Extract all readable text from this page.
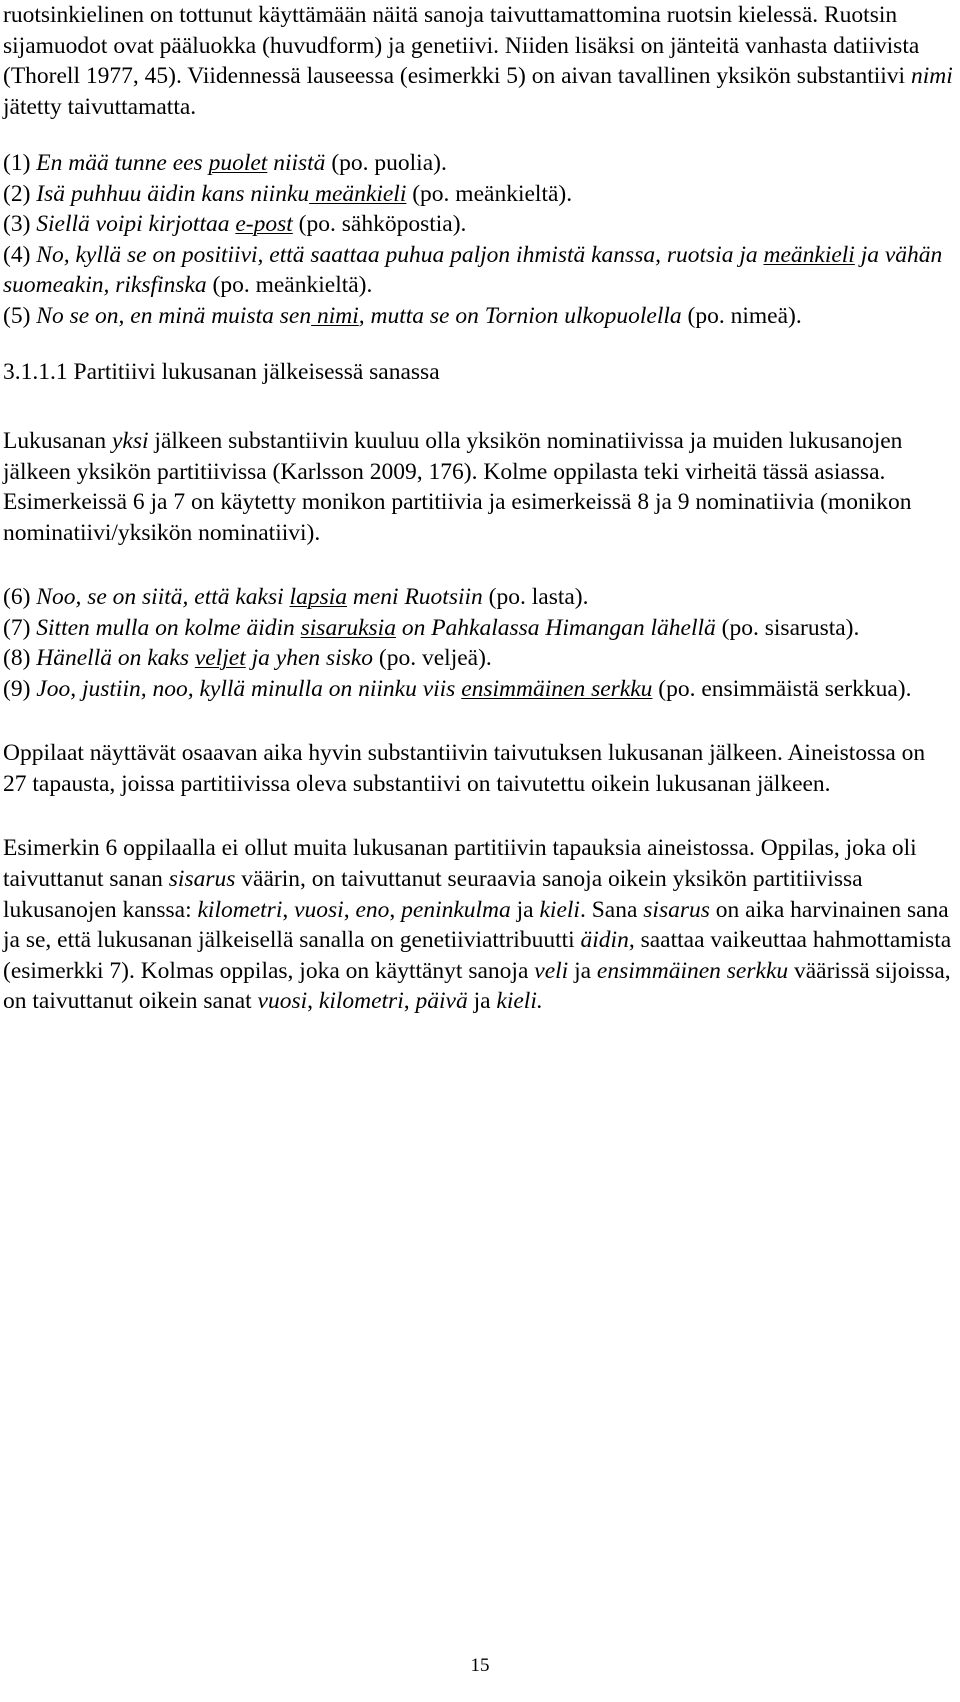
ruotsinkielinen on tottunut käyttämään näitä sanoja taivuttamattomina ruotsin kielessä. Ruotsin sijamuodot ovat pääluokka (huvudform) ja genetiivi. Niiden lisäksi on jänteitä vanhasta datiivista (Thorell 1977, 45). Viidennessä lauseessa (esimerkki 5) on aivan tavallinen yksikön substantiivi nimi jätetty taivuttamatta.

(1) En mää tunne ees puolet niistä (po. puolia).

(2) Isä puhhuu äidin kans niinku meänkieli (po. meänkieltä).

(3) Siellä voipi kirjottaa e-post (po. sähköpostia).

(4) No, kyllä se on positiivi, että saattaa puhua paljon ihmistä kanssa, ruotsia ja meänkieli ja vähän suomeakin, riksfinska (po. meänkieltä).

(5) No se on, en minä muista sen nimi, mutta se on Tornion ulkopuolella (po. nimeä).

3.1.1.1 Partitiivi lukusanan jälkeisessä sanassa

Lukusanan yksi jälkeen substantiivin kuuluu olla yksikön nominatiivissa ja muiden lukusanojen jälkeen yksikön partitiivissa (Karlsson 2009, 176). Kolme oppilasta teki virheitä tässä asiassa. Esimerkeissä 6 ja 7 on käytetty monikon partitiivia ja esimerkeissä 8 ja 9 nominatiivia (monikon nominatiivi/yksikön nominatiivi).

(6) Noo, se on siitä, että kaksi lapsia meni Ruotsiin (po. lasta).

(7) Sitten mulla on kolme äidin sisaruksia on Pahkalassa Himangan lähellä (po. sisarusta).

(8) Hänellä on kaks veljet ja yhen sisko (po. veljeä).

(9) Joo, justiin, noo, kyllä minulla on niinku viis ensimmäinen serkku (po. ensimmäistä serkkua).

Oppilaat näyttävät osaavan aika hyvin substantiivin taivutuksen lukusanan jälkeen. Aineistossa on 27 tapausta, joissa partitiivissa oleva substantiivi on taivutettu oikein lukusanan jälkeen.

Esimerkin 6 oppilaalla ei ollut muita lukusanan partitiivin tapauksia aineistossa. Oppilas, joka oli taivuttanut sanan sisarus väärin, on taivuttanut seuraavia sanoja oikein yksikön partitiivissa lukusanojen kanssa: kilometri, vuosi, eno, peninkulma ja kieli. Sana sisarus on aika harvinainen sana ja se, että lukusanan jälkeisellä sanalla on genetiiviattribuutti äidin, saattaa vaikeuttaa hahmottamista (esimerkki 7). Kolmas oppilas, joka on käyttänyt sanoja veli ja ensimmäinen serkku väärissä sijoissa, on taivuttanut oikein sanat vuosi, kilometri, päivä ja kieli.

15
